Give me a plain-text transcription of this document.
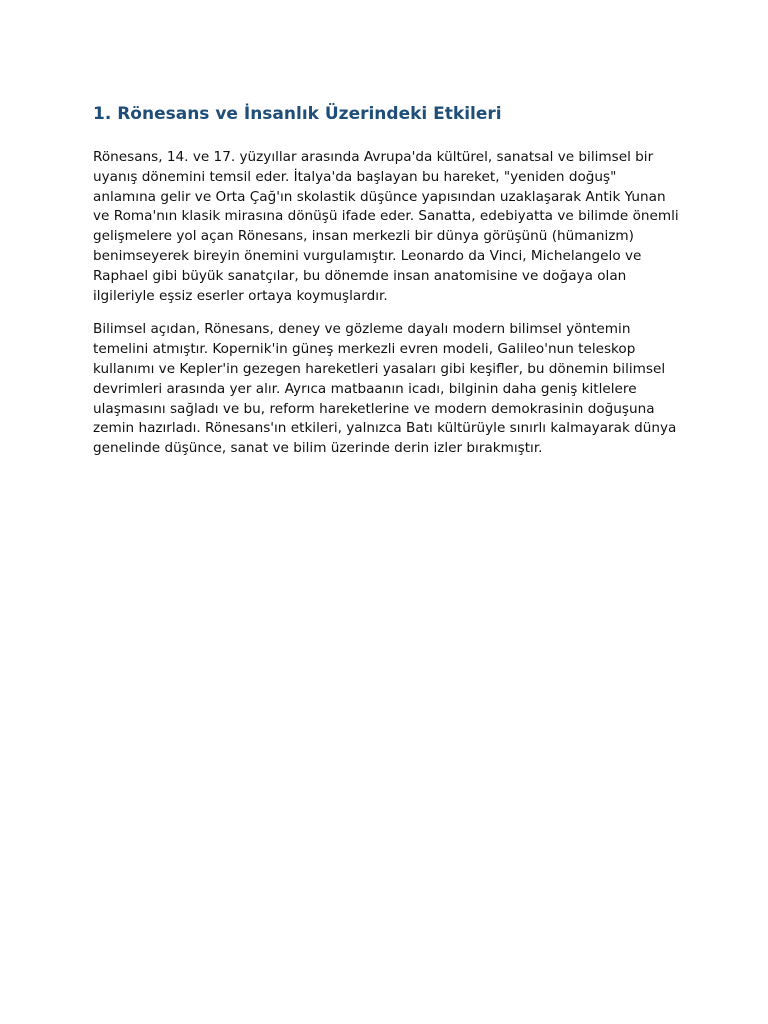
1. Rönesans ve İnsanlık Üzerindeki Etkileri

Rönesans, 14. ve 17. yüzyıllar arasında Avrupa'da kültürel, sanatsal ve bilimsel bir uyanış dönemini temsil eder. İtalya'da başlayan bu hareket, "yeniden doğuş" anlamına gelir ve Orta Çağ'ın skolastik düşünce yapısından uzaklaşarak Antik Yunan ve Roma'nın klasik mirasına dönüşü ifade eder. Sanatta, edebiyatta ve bilimde önemli gelişmelere yol açan Rönesans, insan merkezli bir dünya görüşünü (hümanizm) benimseyerek bireyin önemini vurgulamıştır. Leonardo da Vinci, Michelangelo ve Raphael gibi büyük sanatçılar, bu dönemde insan anatomisine ve doğaya olan ilgileriyle eşsiz eserler ortaya koymuşlardır.

Bilimsel açıdan, Rönesans, deney ve gözleme dayalı modern bilimsel yöntemin temelini atmıştır. Kopernik'in güneş merkezli evren modeli, Galileo'nun teleskop kullanımı ve Kepler'in gezegen hareketleri yasaları gibi keşifler, bu dönemin bilimsel devrimleri arasında yer alır. Ayrıca matbaanın icadı, bilginin daha geniş kitlelere ulaşmasını sağladı ve bu, reform hareketlerine ve modern demokrasinin doğuşuna zemin hazırladı. Rönesans'ın etkileri, yalnızca Batı kültürüyle sınırlı kalmayarak dünya genelinde düşünce, sanat ve bilim üzerinde derin izler bırakmıştır.
